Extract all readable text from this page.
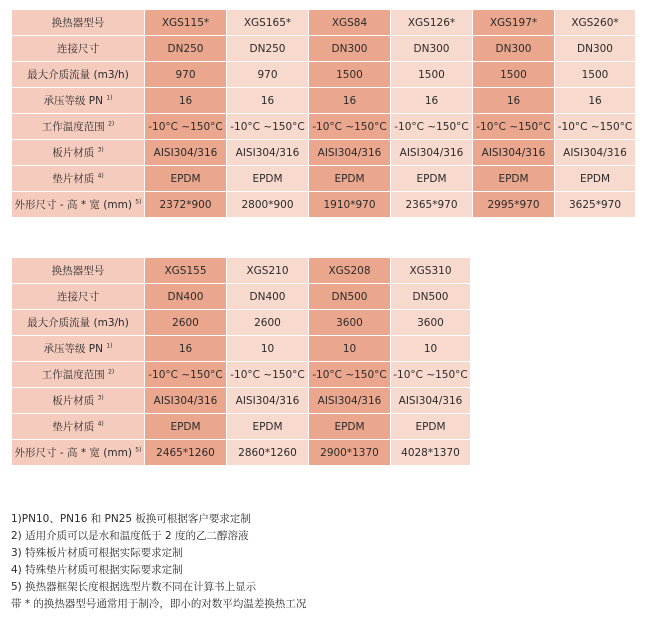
换热器型号	XGS115*	XGS165*	XGS84	XGS126*	XGS197*	XGS260*
连接尺寸	DN250	DN250	DN300	DN300	DN300	DN300
最大介质流量 (m3/h)	970	970	1500	1500	1500	1500
承压等级 PN $^{1)}$	16	16	16	16	16	16
工作温度范围 $^{2)}$	-10°C ~150°C	-10°C ~150°C	-10°C ~150°C	-10°C ~150°C	-10°C ~150°C	-10°C ~150°C
板片材质 $^{3)}$	AISI304/316	AISI304/316	AISI304/316	AISI304/316	AISI304/316	AISI304/316
垫片材质 $^{4)}$	EPDM	EPDM	EPDM	EPDM	EPDM	EPDM
外形尺寸 - 高 * 宽 (mm) $^{5)}$	2372*900	2800*900	1910*970	2365*970	2995*970	3625*970
换热器型号	XGS155	XGS210	XGS208	XGS310
连接尺寸	DN400	DN400	DN500	DN500
最大介质流量 (m3/h)	2600	2600	3600	3600
承压等级 PN $^{1)}$	16	10	10	10
工作温度范围 $^{2)}$	-10°C ~150°C	-10°C ~150°C	-10°C ~150°C	-10°C ~150°C
板片材质 $^{3)}$	AISI304/316	AISI304/316	AISI304/316	AISI304/316
垫片材质 $^{4)}$	EPDM	EPDM	EPDM	EPDM
外形尺寸 - 高 * 宽 (mm) $^{5)}$	2465*1260	2860*1260	2900*1370	4028*1370
1)PN10、PN16 和 PN25 板换可根据客户要求定制
2) 适用介质可以是水和温度低于 2 度的乙二醇溶液
3) 特殊板片材质可根据实际要求定制
4) 特殊垫片材质可根据实际要求定制
5) 换热器框架长度根据选型片数不同在计算书上显示
带 * 的换热器型号通常用于制冷，即小的对数平均温差换热工况
